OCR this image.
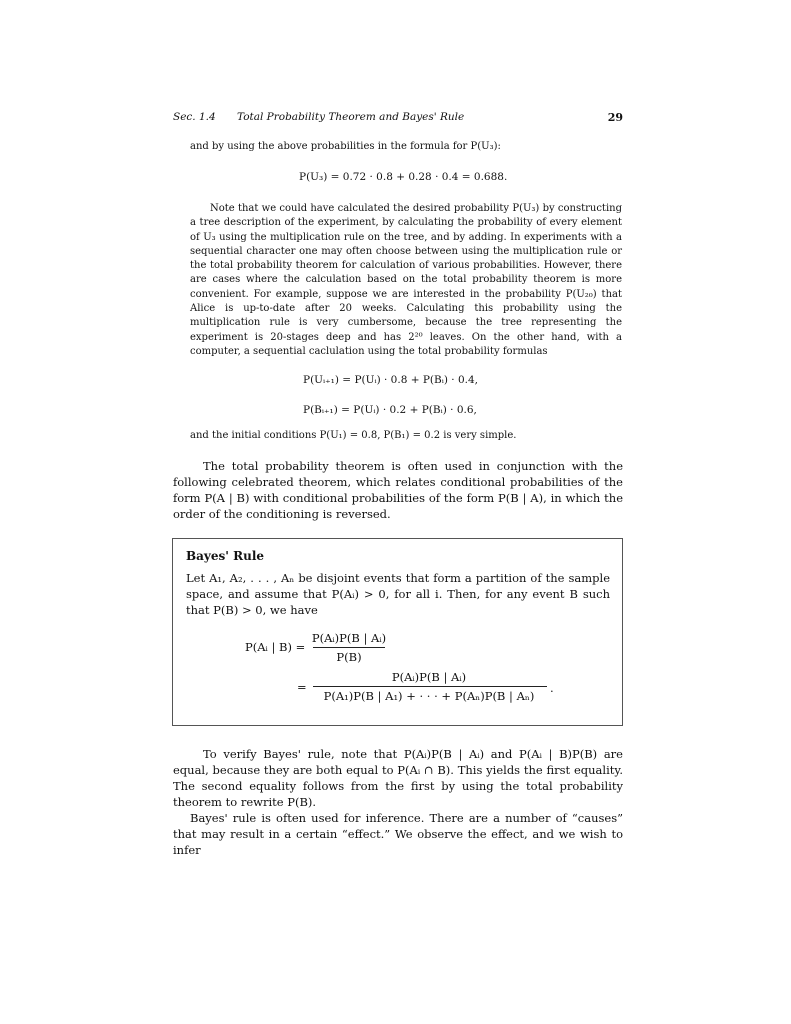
Sec. 1.4 Total Probability Theorem and Bayes' Rule	29

and by using the above probabilities in the formula for P(U₃):

P(U₃) = 0.72 · 0.8 + 0.28 · 0.4 = 0.688.

Note that we could have calculated the desired probability P(U₃) by constructing a tree description of the experiment, by calculating the probability of every element of U₃ using the multiplication rule on the tree, and by adding. In experiments with a sequential character one may often choose between using the multiplication rule or the total probability theorem for calculation of various probabilities. However, there are cases where the calculation based on the total probability theorem is more convenient. For example, suppose we are interested in the probability P(U₂₀) that Alice is up-to-date after 20 weeks. Calculating this probability using the multiplication rule is very cumbersome, because the tree representing the experiment is 20-stages deep and has 2²⁰ leaves. On the other hand, with a computer, a sequential caclulation using the total probability formulas

P(Uᵢ₊₁) = P(Uᵢ) · 0.8 + P(Bᵢ) · 0.4,
P(Bᵢ₊₁) = P(Uᵢ) · 0.2 + P(Bᵢ) · 0.6,

and the initial conditions P(U₁) = 0.8, P(B₁) = 0.2 is very simple.

The total probability theorem is often used in conjunction with the following celebrated theorem, which relates conditional probabilities of the form P(A | B) with conditional probabilities of the form P(B | A), in which the order of the conditioning is reversed.

Bayes' Rule
Let A₁, A₂, . . . , Aₙ be disjoint events that form a partition of the sample space, and assume that P(Aᵢ) > 0, for all i. Then, for any event B such that P(B) > 0, we have
P(Aᵢ | B) =
P(Aᵢ)P(B | Aᵢ)
P(B)
=
P(Aᵢ)P(B | Aᵢ)
P(A₁)P(B | A₁) + · · · + P(Aₙ)P(B | Aₙ)
.

To verify Bayes' rule, note that P(Aᵢ)P(B | Aᵢ) and P(Aᵢ | B)P(B) are equal, because they are both equal to P(Aᵢ ∩ B). This yields the first equality. The second equality follows from the first by using the total probability theorem to rewrite P(B).

Bayes' rule is often used for inference. There are a number of “causes” that may result in a certain “effect.” We observe the effect, and we wish to infer
